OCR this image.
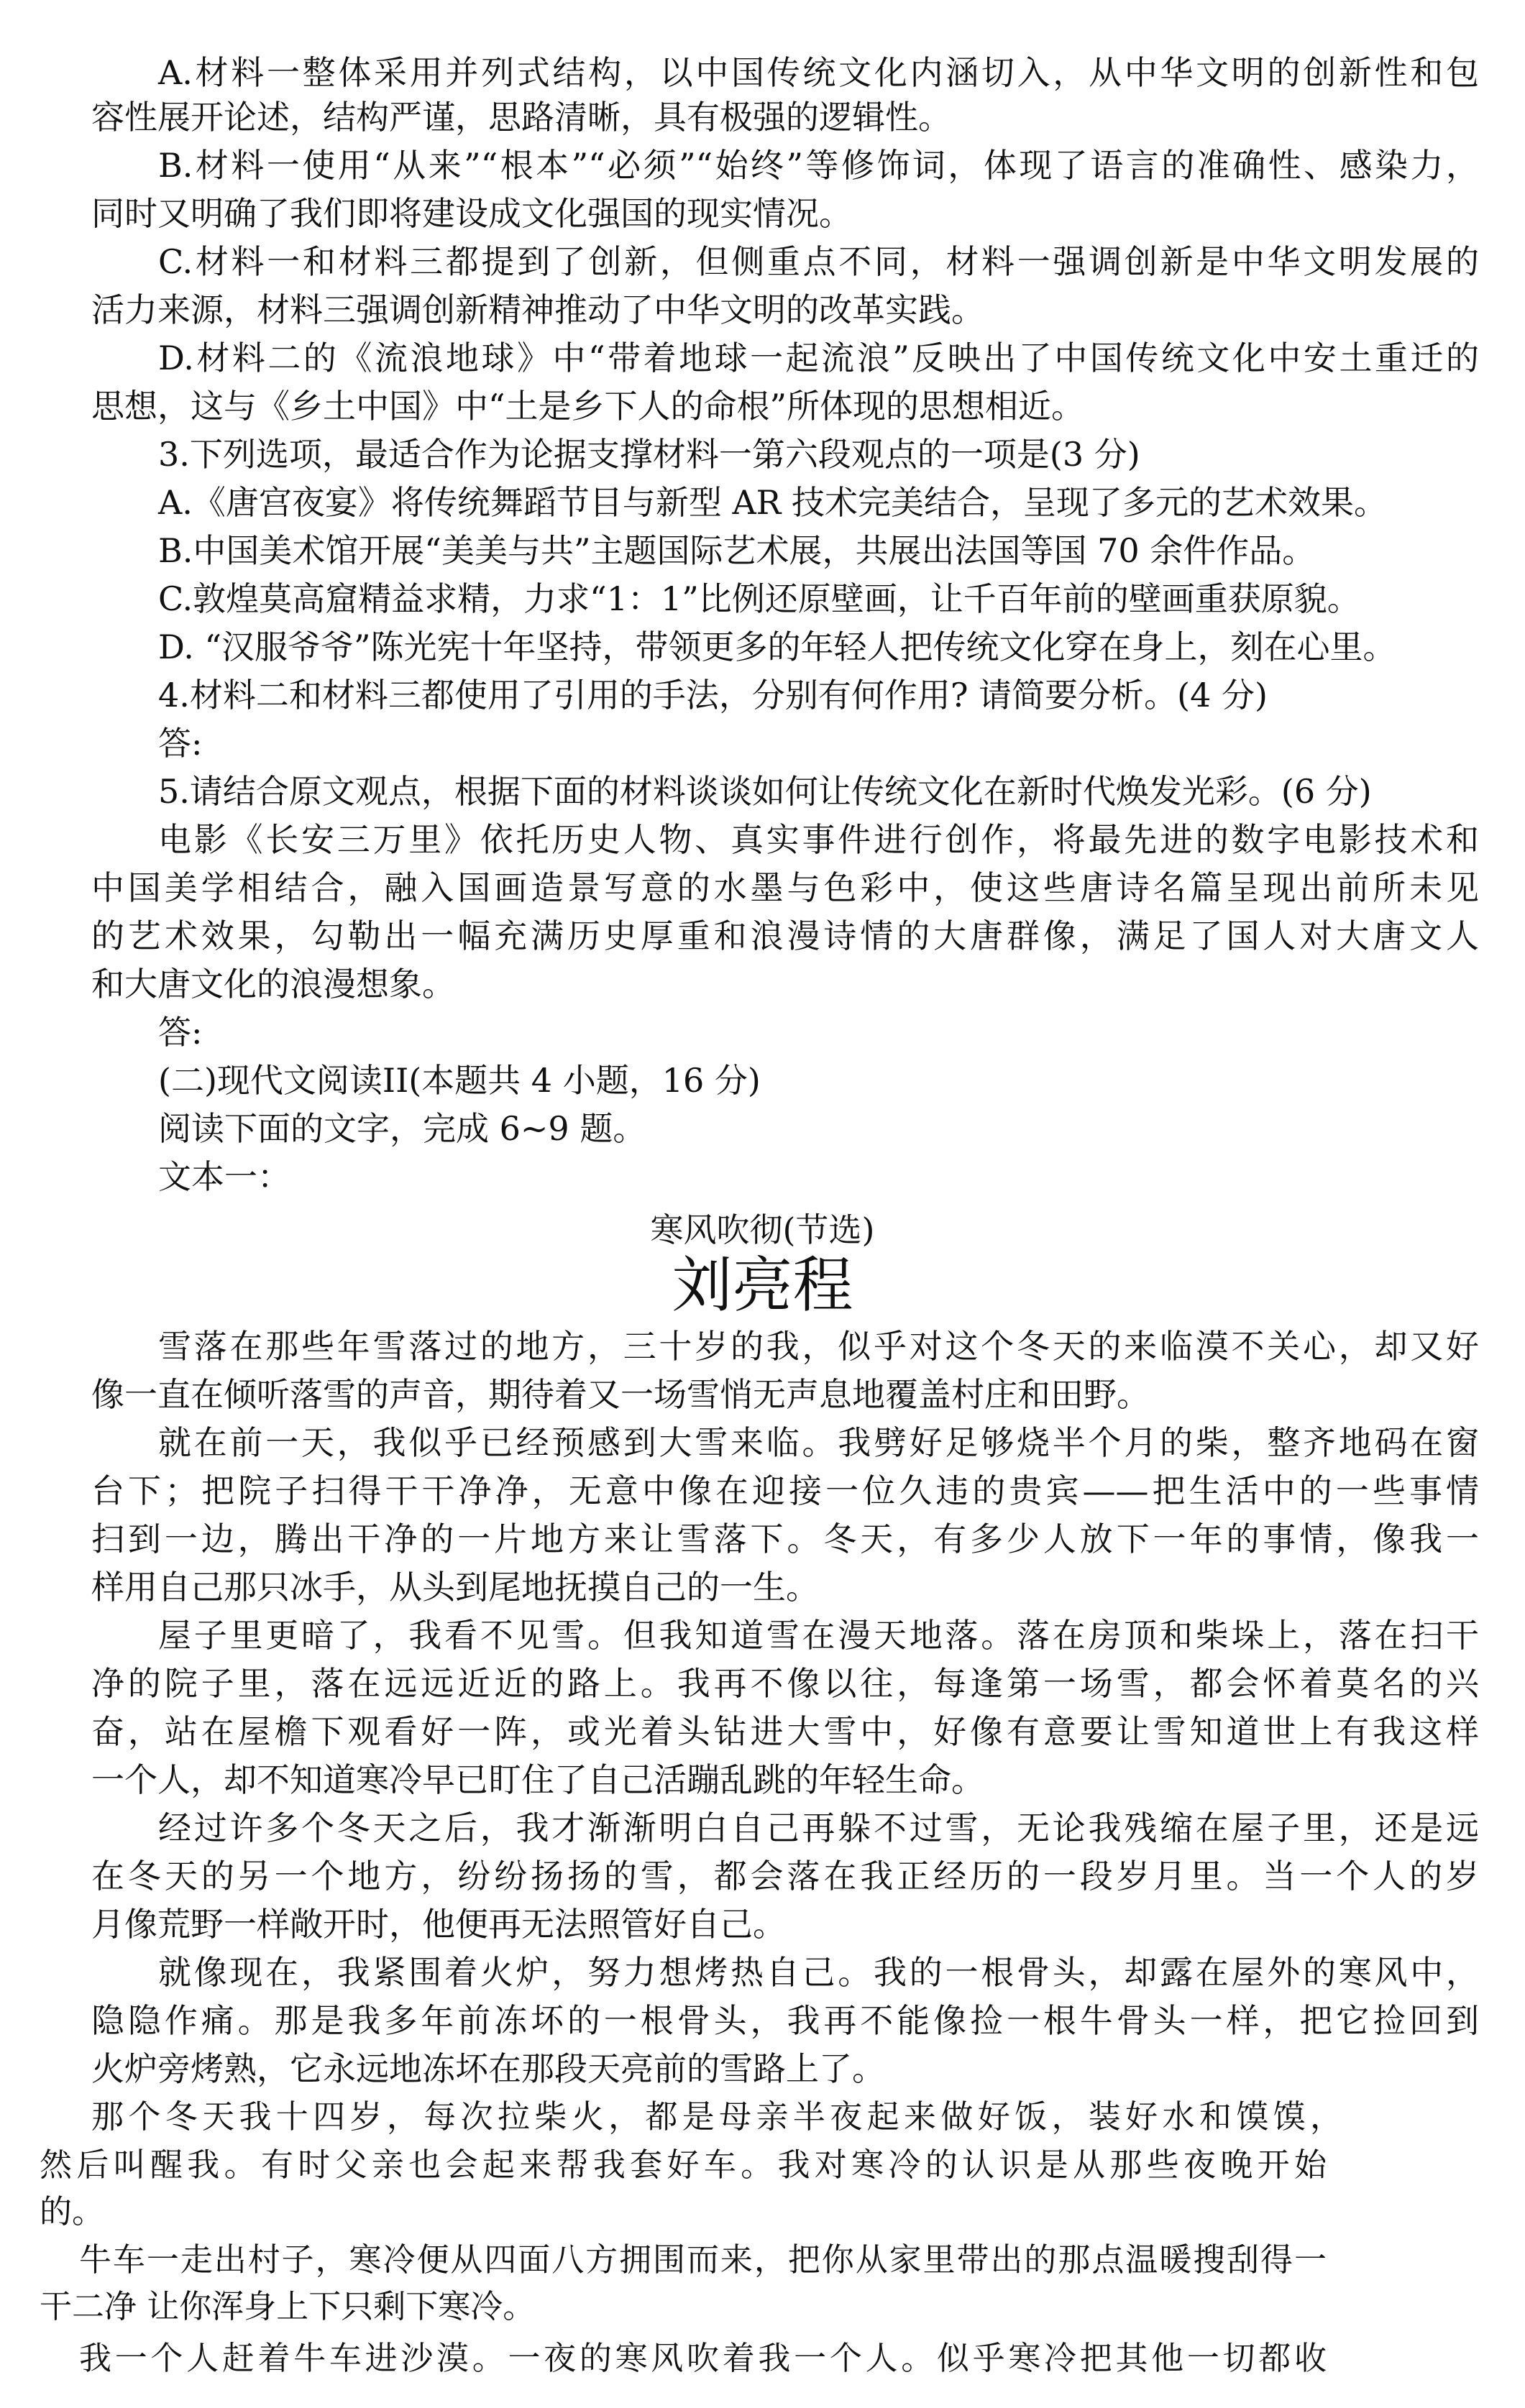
A.材料一整体采用并列式结构，以中国传统文化内涵切入，从中华文明的创新性和包
容性展开论述，结构严谨，思路清晰，具有极强的逻辑性。
B.材料一使用“从来”“根本”“必须”“始终”等修饰词，体现了语言的准确性、感染力，
同时又明确了我们即将建设成文化强国的现实情况。
C.材料一和材料三都提到了创新，但侧重点不同，材料一强调创新是中华文明发展的
活力来源，材料三强调创新精神推动了中华文明的改革实践。
D.材料二的《流浪地球》中“带着地球一起流浪”反映出了中国传统文化中安土重迁的
思想，这与《乡土中国》中“土是乡下人的命根”所体现的思想相近。
3.下列选项，最适合作为论据支撑材料一第六段观点的一项是(3 分)
A.《唐宫夜宴》将传统舞蹈节目与新型 AR 技术完美结合，呈现了多元的艺术效果。
B.中国美术馆开展“美美与共”主题国际艺术展，共展出法国等国 70 余件作品。
C.敦煌莫高窟精益求精，力求“1：1”比例还原壁画，让千百年前的壁画重获原貌。
D. “汉服爷爷”陈光宪十年坚持，带领更多的年轻人把传统文化穿在身上，刻在心里。
4.材料二和材料三都使用了引用的手法，分别有何作用? 请简要分析。(4 分)
答:
5.请结合原文观点，根据下面的材料谈谈如何让传统文化在新时代焕发光彩。(6 分)
电影《长安三万里》依托历史人物、真实事件进行创作，将最先进的数字电影技术和
中国美学相结合，融入国画造景写意的水墨与色彩中，使这些唐诗名篇呈现出前所未见
的艺术效果，勾勒出一幅充满历史厚重和浪漫诗情的大唐群像，满足了国人对大唐文人
和大唐文化的浪漫想象。
答:
(二)现代文阅读II(本题共 4 小题，16 分)
阅读下面的文字，完成 6~9 题。
文本一：
寒风吹彻(节选)
刘亮程
雪落在那些年雪落过的地方，三十岁的我，似乎对这个冬天的来临漠不关心，却又好
像一直在倾听落雪的声音，期待着又一场雪悄无声息地覆盖村庄和田野。
就在前一天，我似乎已经预感到大雪来临。我劈好足够烧半个月的柴，整齐地码在窗
台下；把院子扫得干干净净，无意中像在迎接一位久违的贵宾——把生活中的一些事情
扫到一边，腾出干净的一片地方来让雪落下。冬天，有多少人放下一年的事情，像我一
样用自己那只冰手，从头到尾地抚摸自己的一生。
屋子里更暗了，我看不见雪。但我知道雪在漫天地落。落在房顶和柴垛上，落在扫干
净的院子里，落在远远近近的路上。我再不像以往，每逢第一场雪，都会怀着莫名的兴
奋，站在屋檐下观看好一阵，或光着头钻进大雪中，好像有意要让雪知道世上有我这样
一个人，却不知道寒冷早已盯住了自己活蹦乱跳的年轻生命。
经过许多个冬天之后，我才渐渐明白自己再躲不过雪，无论我残缩在屋子里，还是远
在冬天的另一个地方，纷纷扬扬的雪，都会落在我正经历的一段岁月里。当一个人的岁
月像荒野一样敞开时，他便再无法照管好自己。
就像现在，我紧围着火炉，努力想烤热自己。我的一根骨头，却露在屋外的寒风中，
隐隐作痛。那是我多年前冻坏的一根骨头，我再不能像捡一根牛骨头一样，把它捡回到
火炉旁烤熟，它永远地冻坏在那段天亮前的雪路上了。
那个冬天我十四岁，每次拉柴火，都是母亲半夜起来做好饭，装好水和馍馍，
然后叫醒我。有时父亲也会起来帮我套好车。我对寒冷的认识是从那些夜晚开始
的。
牛车一走出村子，寒冷便从四面八方拥围而来，把你从家里带出的那点温暖搜刮得一
干二净 让你浑身上下只剩下寒冷。
我一个人赶着牛车进沙漠。一夜的寒风吹着我一个人。似乎寒冷把其他一切都收
